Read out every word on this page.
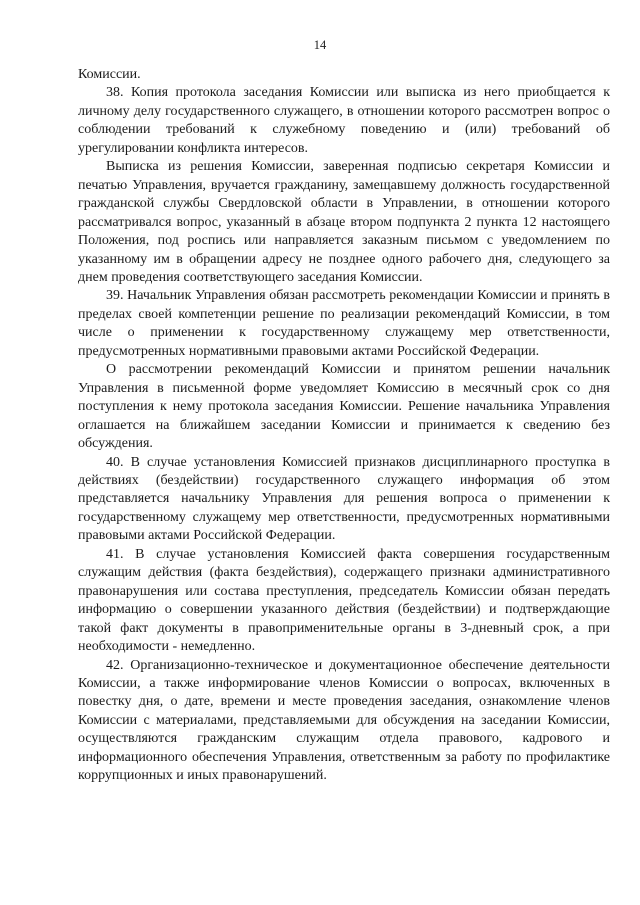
14

Комиссии.

38. Копия протокола заседания Комиссии или выписка из него приобщается к личному делу государственного служащего, в отношении которого рассмотрен вопрос о соблюдении требований к служебному поведению и (или) требований об урегулировании конфликта интересов.

Выписка из решения Комиссии, заверенная подписью секретаря Комиссии и печатью Управления, вручается гражданину, замещавшему должность государственной гражданской службы Свердловской области в Управлении, в отношении которого рассматривался вопрос, указанный в абзаце втором подпункта 2 пункта 12 настоящего Положения, под роспись или направляется заказным письмом с уведомлением по указанному им в обращении адресу не позднее одного рабочего дня, следующего за днем проведения соответствующего заседания Комиссии.

39. Начальник Управления обязан рассмотреть рекомендации Комиссии и принять в пределах своей компетенции решение по реализации рекомендаций Комиссии, в том числе о применении к государственному служащему мер ответственности, предусмотренных нормативными правовыми актами Российской Федерации.

О рассмотрении рекомендаций Комиссии и принятом решении начальник Управления в письменной форме уведомляет Комиссию в месячный срок со дня поступления к нему протокола заседания Комиссии. Решение начальника Управления оглашается на ближайшем заседании Комиссии и принимается к сведению без обсуждения.

40. В случае установления Комиссией признаков дисциплинарного проступка в действиях (бездействии) государственного служащего информация об этом представляется начальнику Управления для решения вопроса о применении к государственному служащему мер ответственности, предусмотренных нормативными правовыми актами Российской Федерации.

41. В случае установления Комиссией факта совершения государственным служащим действия (факта бездействия), содержащего признаки административного правонарушения или состава преступления, председатель Комиссии обязан передать информацию о совершении указанного действия (бездействии) и подтверждающие такой факт документы в правоприменительные органы в 3-дневный срок, а при необходимости - немедленно.

42. Организационно-техническое и документационное обеспечение деятельности Комиссии, а также информирование членов Комиссии о вопросах, включенных в повестку дня, о дате, времени и месте проведения заседания, ознакомление членов Комиссии с материалами, представляемыми для обсуждения на заседании Комиссии, осуществляются гражданским служащим отдела правового, кадрового и информационного обеспечения Управления, ответственным за работу по профилактике коррупционных и иных правонарушений.
